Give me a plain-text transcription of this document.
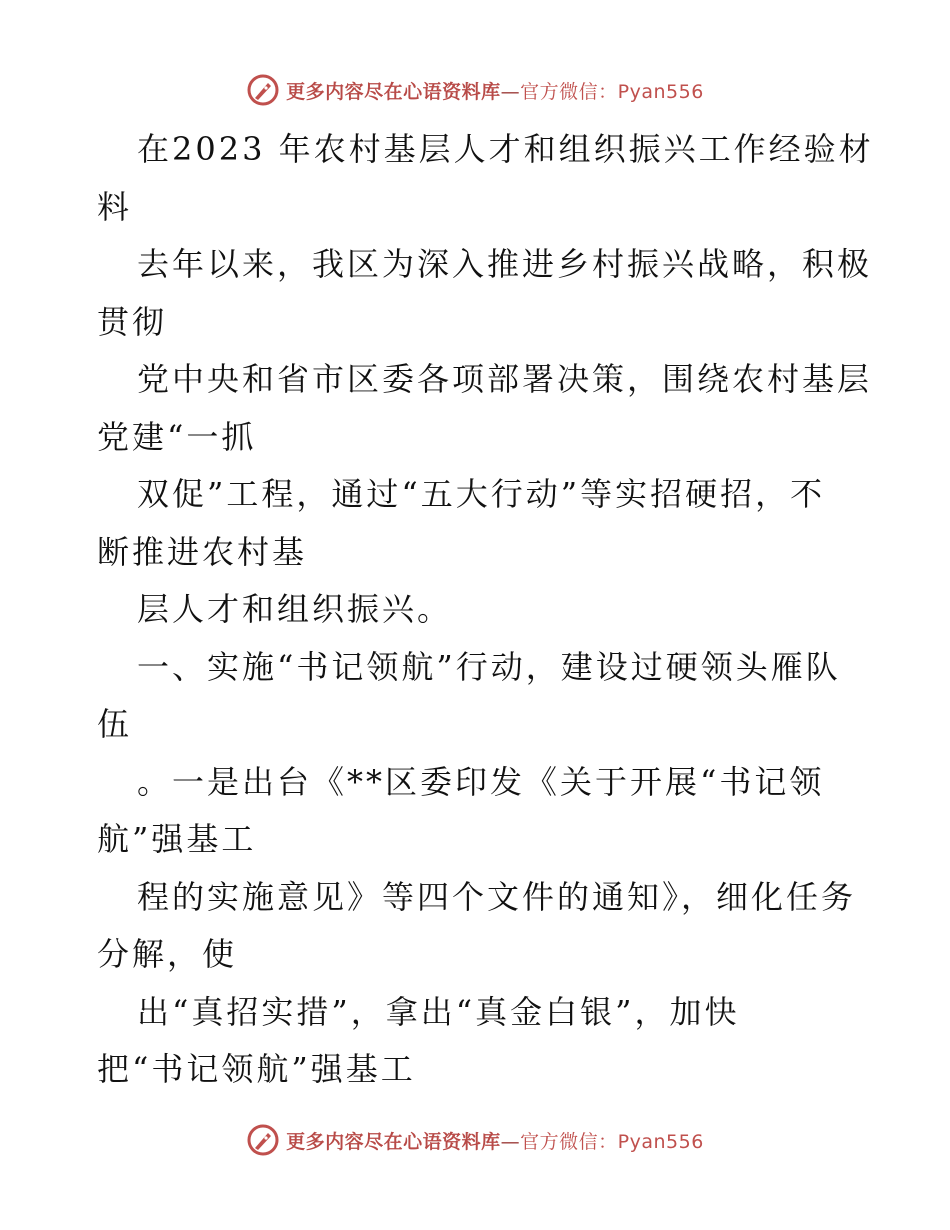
更多内容尽在心语资料库—官方微信：Pyan556
在2023 年农村基层人才和组织振兴工作经验材
料
去年以来，我区为深入推进乡村振兴战略，积极
贯彻
党中央和省市区委各项部署决策，围绕农村基层
党建“一抓
双促”工程，通过“五大行动”等实招硬招，不
断推进农村基
层人才和组织振兴。
一、实施“书记领航”行动，建设过硬领头雁队
伍
。一是出台《**区委印发《关于开展“书记领
航”强基工
程的实施意见》等四个文件的通知》，细化任务
分解，使
出“真招实措”，拿出“真金白银”，加快
把“书记领航”强基工
更多内容尽在心语资料库—官方微信：Pyan556
